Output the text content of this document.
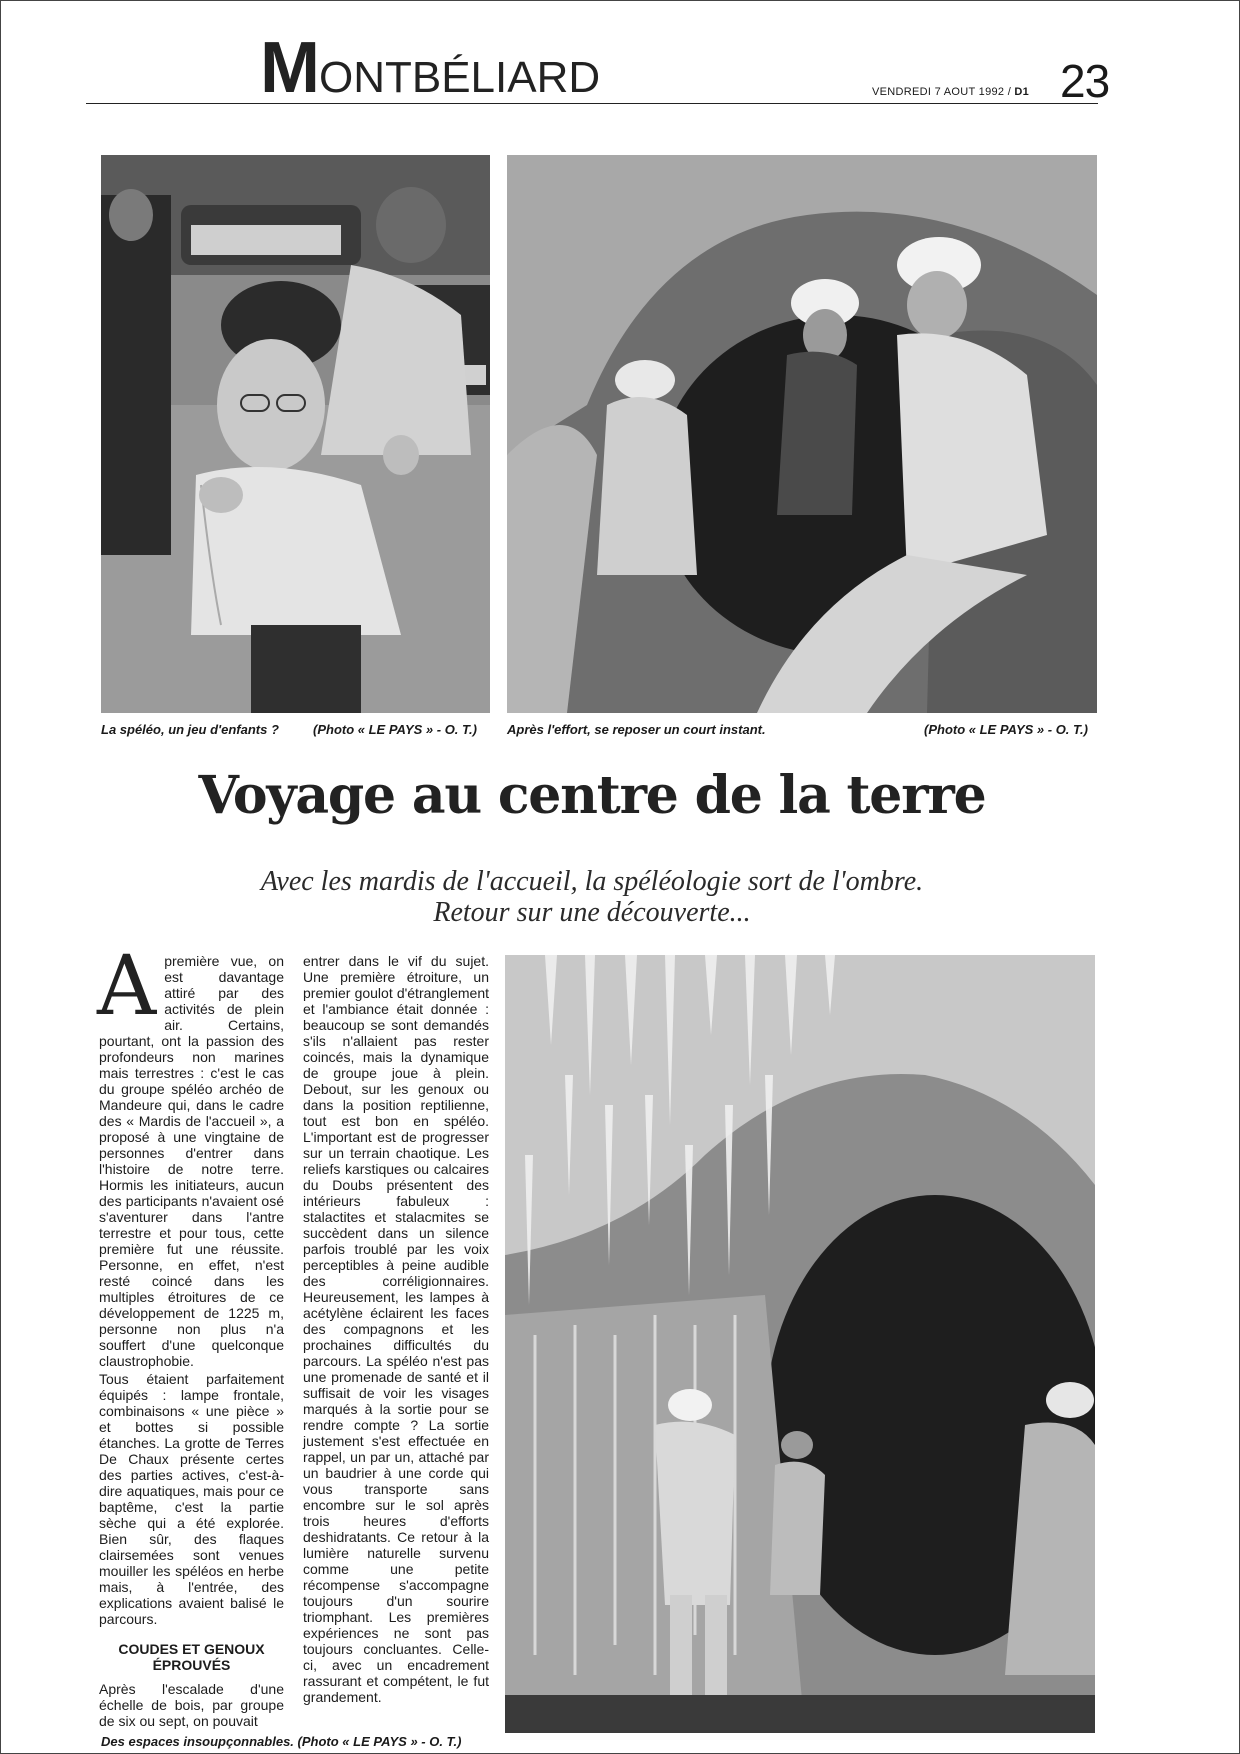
MONTBÉLIARD	VENDREDI 7 AOUT 1992 / D1 23
La spéléo, un jeu d'enfants ?	(Photo « LE PAYS » - O. T.) Après l'effort, se reposer un court instant.	(Photo « LE PAYS » - O. T.)
Voyage au centre de la terre
Avec les mardis de l'accueil, la spéléologie sort de l'ombre.
Retour sur une découverte...

Apremière vue, on est davantage attiré par des activités de plein air. Certains, pourtant, ont la passion des profondeurs non marines mais terrestres : c'est le cas du groupe spéléo archéo de Mandeure qui, dans le cadre des « Mardis de l'accueil », a proposé à une vingtaine de personnes d'entrer dans l'histoire de notre terre. Hormis les initiateurs, aucun des participants n'avaient osé s'aventurer dans l'antre terrestre et pour tous, cette première fut une réussite. Personne, en effet, n'est resté coincé dans les multiples étroitures de ce développement de 1225 m, personne non plus n'a souffert d'une quelconque claustrophobie.

Tous étaient parfaitement équipés : lampe frontale, combinaisons « une pièce » et bottes si possible étanches. La grotte de Terres De Chaux présente certes des parties actives, c'est-à-dire aquatiques, mais pour ce baptême, c'est la partie sèche qui a été explorée. Bien sûr, des flaques clairsemées sont venues mouiller les spéléos en herbe mais, à l'entrée, des explications avaient balisé le parcours.

COUDES ET GENOUX
ÉPROUVÉS

Après l'escalade d'une échelle de bois, par groupe de six ou sept, on pouvait

entrer dans le vif du sujet. Une première étroiture, un premier goulot d'étranglement et l'ambiance était donnée : beaucoup se sont demandés s'ils n'allaient pas rester coincés, mais la dynamique de groupe joue à plein. Debout, sur les genoux ou dans la position reptilienne, tout est bon en spéléo. L'important est de progresser sur un terrain chaotique. Les reliefs karstiques ou calcaires du Doubs présentent des intérieurs fabuleux : stalactites et stalacmites se succèdent dans un silence parfois troublé par les voix perceptibles à peine audible des corréligionnaires. Heureusement, les lampes à acétylène éclairent les faces des compagnons et les prochaines difficultés du parcours. La spéléo n'est pas une promenade de santé et il suffisait de voir les visages marqués à la sortie pour se rendre compte ? La sortie justement s'est effectuée en rappel, un par un, attaché par un baudrier à une corde qui vous transporte sans encombre sur le sol après trois heures d'efforts deshidratants. Ce retour à la lumière naturelle survenu comme une petite récompense s'accompagne toujours d'un sourire triomphant. Les premières expériences ne sont pas toujours concluantes. Celle-ci, avec un encadrement rassurant et compétent, le fut grandement.

Des espaces insoupçonnables. (Photo « LE PAYS » - O. T.)
